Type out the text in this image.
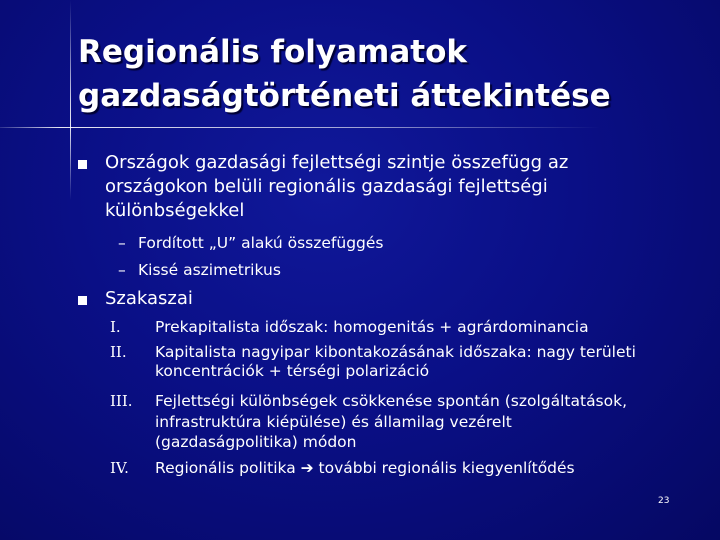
Regionális folyamatok
gazdaságtörténeti áttekintése
Országok gazdasági fejlettségi szintje összefügg az
országokon belüli regionális gazdasági fejlettségi
különbségekkel
– Fordított „U” alakú összefüggés
– Kissé aszimetrikus
Szakaszai
I. Prekapitalista időszak: homogenitás + agrárdominancia
II. Kapitalista nagyipar kibontakozásának időszaka: nagy területi
koncentrációk + térségi polarizáció
III. Fejlettségi különbségek csökkenése spontán (szolgáltatások,
infrastruktúra kiépülése) és államilag vezérelt
(gazdaságpolitika) módon
IV. Regionális politika ➔ további regionális kiegyenlítődés
23
